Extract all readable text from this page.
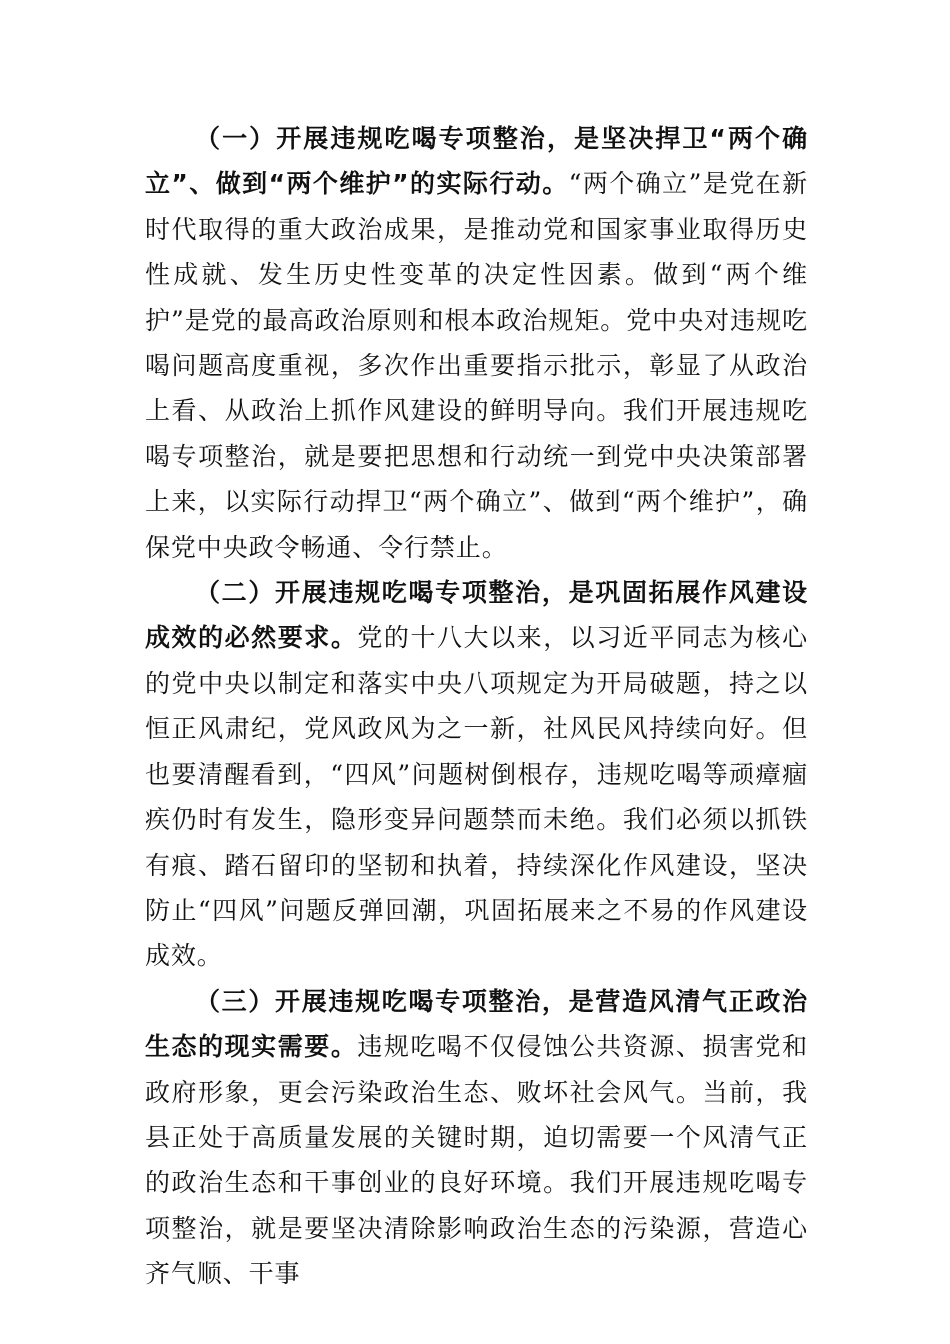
（一）开展违规吃喝专项整治，是坚决捍卫“两个确立”、做到“两个维护”的实际行动。“两个确立”是党在新时代取得的重大政治成果，是推动党和国家事业取得历史性成就、发生历史性变革的决定性因素。做到“两个维护”是党的最高政治原则和根本政治规矩。党中央对违规吃喝问题高度重视，多次作出重要指示批示，彰显了从政治上看、从政治上抓作风建设的鲜明导向。我们开展违规吃喝专项整治，就是要把思想和行动统一到党中央决策部署上来，以实际行动捍卫“两个确立”、做到“两个维护”，确保党中央政令畅通、令行禁止。

（二）开展违规吃喝专项整治，是巩固拓展作风建设成效的必然要求。党的十八大以来，以习近平同志为核心的党中央以制定和落实中央八项规定为开局破题，持之以恒正风肃纪，党风政风为之一新，社风民风持续向好。但也要清醒看到，“四风”问题树倒根存，违规吃喝等顽瘴痼疾仍时有发生，隐形变异问题禁而未绝。我们必须以抓铁有痕、踏石留印的坚韧和执着，持续深化作风建设，坚决防止“四风”问题反弹回潮，巩固拓展来之不易的作风建设成效。

（三）开展违规吃喝专项整治，是营造风清气正政治生态的现实需要。违规吃喝不仅侵蚀公共资源、损害党和政府形象，更会污染政治生态、败坏社会风气。当前，我县正处于高质量发展的关键时期，迫切需要一个风清气正的政治生态和干事创业的良好环境。我们开展违规吃喝专项整治，就是要坚决清除影响政治生态的污染源，营造心齐气顺、干事
